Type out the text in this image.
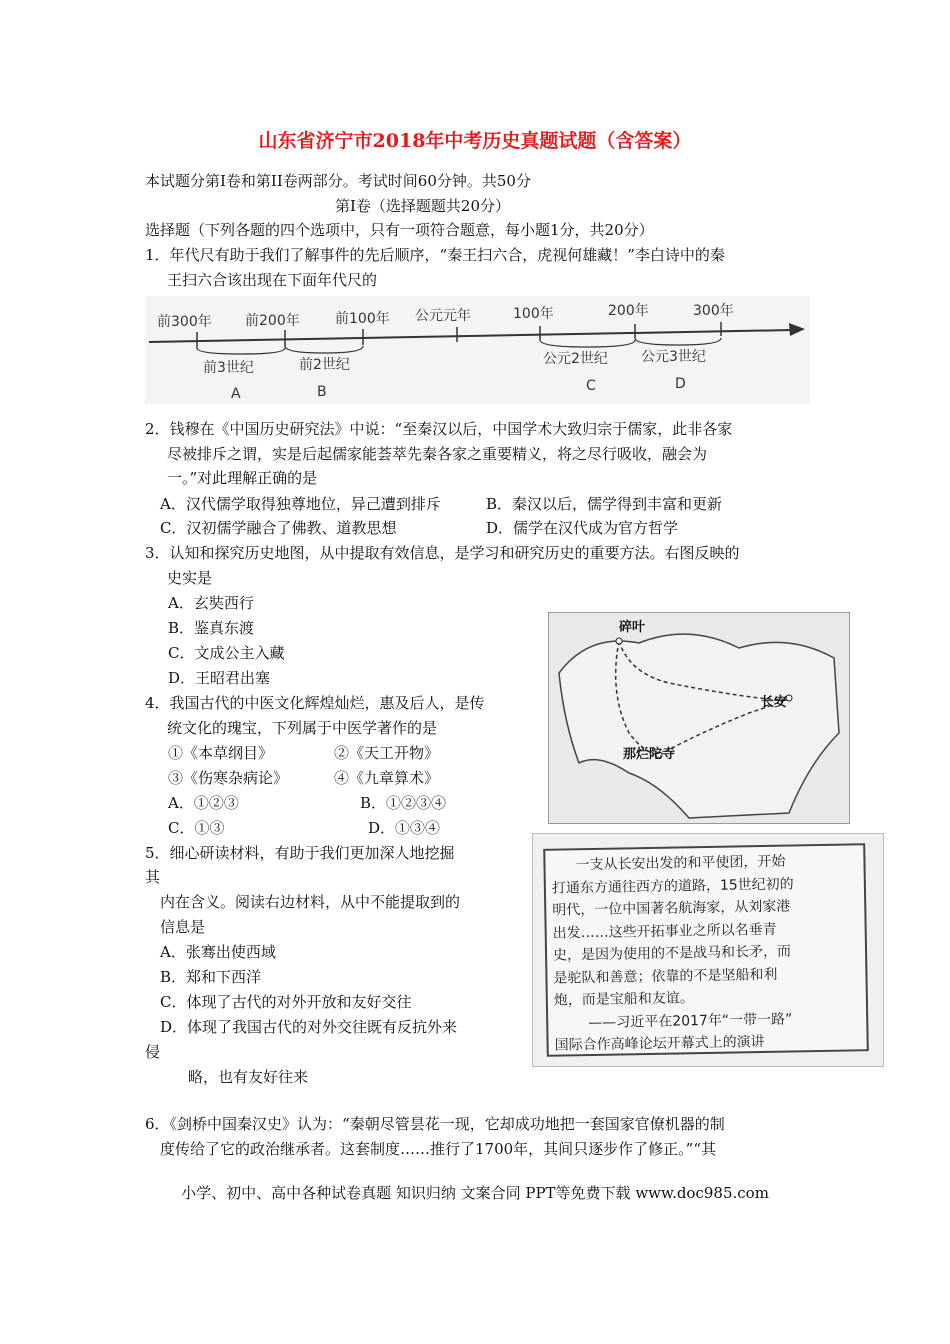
山东省济宁市2018年中考历史真题试题（含答案）
本试题分第Ⅰ卷和第II卷两部分。考试时间60分钟。共50分
第Ⅰ卷（选择题题共20分）
选择题（下列各题的四个选项中，只有一项符合题意，每小题1分，共20分）
1．年代尺有助于我们了解事件的先后顺序，“秦王扫六合，虎视何雄藏！”李白诗中的秦
王扫六合该出现在下面年代尺的
前300年 前200年	前100年 公元元年	100年	200年	300年
前3世纪	前2世纪	公元2世纪 公元3世纪
A	B	C	D
2．钱穆在《中国历史研究法》中说：“至秦汉以后，中国学术大致归宗于儒家，此非各家
尽被排斥之谓，实是后起儒家能荟萃先秦各家之重要精义，将之尽行吸收，融会为
一。”对此理解正确的是
A．汉代儒学取得独尊地位，异己遭到排斥	B．秦汉以后，儒学得到丰富和更新
C．汉初儒学融合了佛教、道教思想	D．儒学在汉代成为官方哲学
3．认知和探究历史地图，从中提取有效信息，是学习和研究历史的重要方法。右图反映的
史实是
A．玄奘西行
B．鉴真东渡
C．文成公主入藏
D．王昭君出塞
碎叶
长安
那烂陀寺
4．我国古代的中医文化辉煌灿烂，惠及后人，是传
统文化的瑰宝，下列属于中医学著作的是
①《本草纲目》	②《天工开物》
③《伤寒杂病论》	④《九章算术》
A．①②③	B．①②③④
C．①③	D．①③④
5．细心研读材料，有助于我们更加深人地挖掘
其
内在含义。阅读右边材料，从中不能提取到的
信息是
A．张骞出使西域
B．郑和下西洋
C．体现了古代的对外开放和友好交往
D．体现了我国古代的对外交往既有反抗外来
侵
略，也有友好往来
一支从长安出发的和平使团，开始
打通东方通往西方的道路，15世纪初的
明代，一位中国著名航海家，从刘家港
出发……这些开拓事业之所以名垂青
史，是因为使用的不是战马和长矛，而
是驼队和善意；依靠的不是坚船和利
炮，而是宝船和友谊。
——习近平在2017年“一带一路”
国际合作高峰论坛开幕式上的演讲
6．《剑桥中国秦汉史》认为：“秦朝尽管昙花一现，它却成功地把一套国家官僚机器的制
度传给了它的政治继承者。这套制度……推行了1700年，其间只逐步作了修正。”“其
小学、初中、高中各种试卷真题 知识归纳 文案合同 PPT等免费下载 www.doc985.com
